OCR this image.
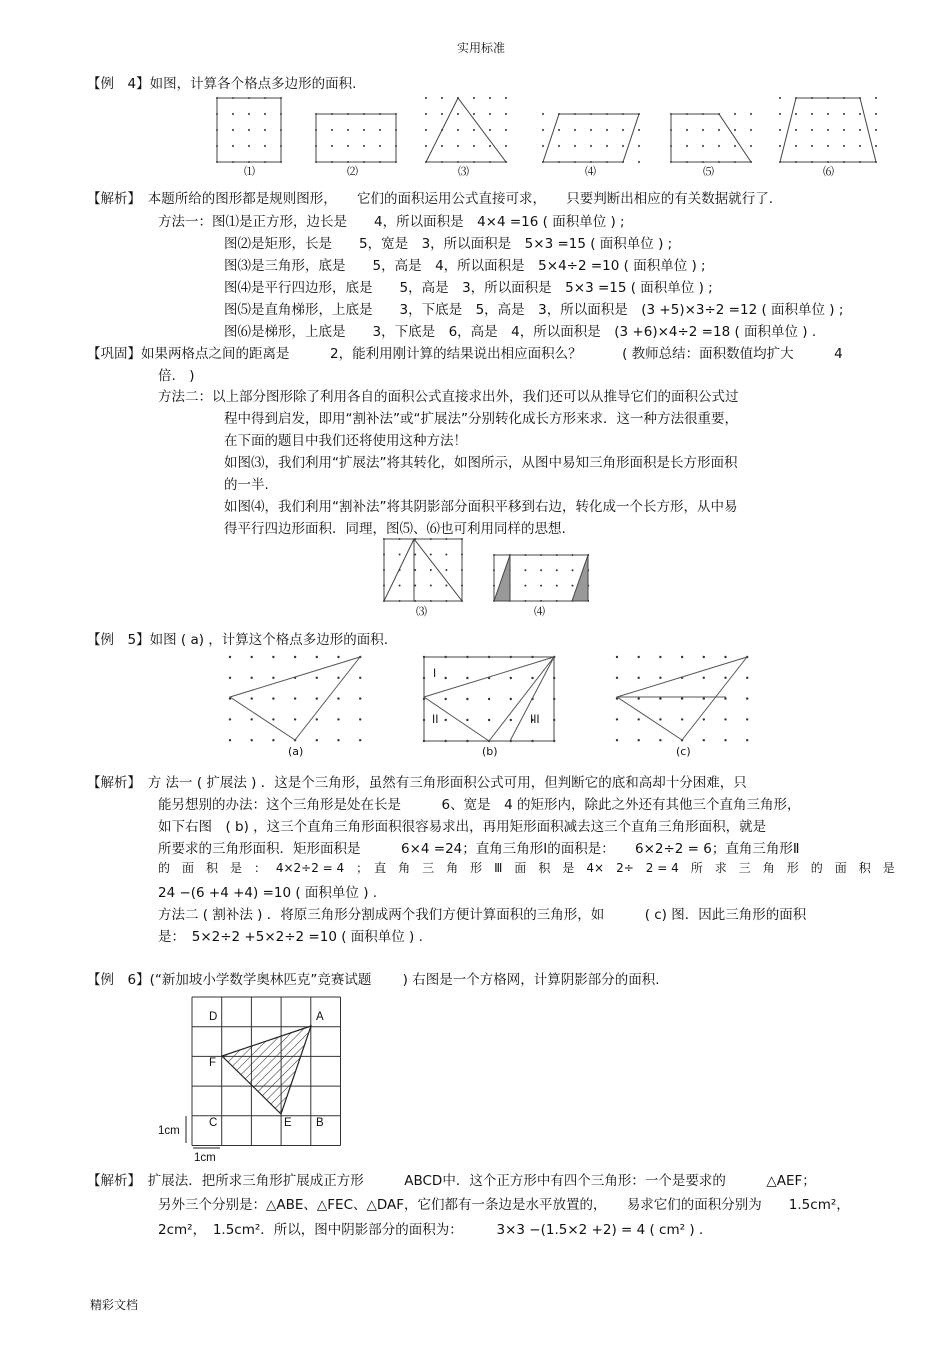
实用标准
精彩文档
【例　4】如图，计算各个格点多边形的面积.
⑴	⑵	⑶	⑷	⑸	⑹
【解析】　本题所给的图形都是规则图形，　　它们的面积运用公式直接可求，　　只要判断出相应的有关数据就行了.
方法一：图⑴是正方形，边长是　　4，所以面积是　4×4 =16 ( 面积单位 ) ;
图⑵是矩形，长是　　5，宽是　3，所以面积是　5×3 =15 ( 面积单位 ) ;
图⑶是三角形，底是　　5，高是　4，所以面积是　5×4÷2 =10 ( 面积单位 ) ;
图⑷是平行四边形，底是　　5，高是　3，所以面积是　5×3 =15 ( 面积单位 ) ;
图⑸是直角梯形，上底是　　3，下底是　5，高是　3，所以面积是　(3 +5)×3÷2 =12 ( 面积单位 ) ;
图⑹是梯形，上底是　　3，下底是　6，高是　4，所以面积是　(3 +6)×4÷2 =18 ( 面积单位 ) .
【巩固】如果两格点之间的距离是　　　2，能利用刚计算的结果说出相应面积么？　　　( 教师总结：面积数值均扩大　　　4
倍.　)
方法二：以上部分图形除了利用各自的面积公式直接求出外，我们还可以从推导它们的面积公式过
程中得到启发，即用“割补法”或“扩展法”分别转化成长方形来求．这一种方法很重要，
在下面的题目中我们还将使用这种方法！
如图⑶，我们利用“扩展法”将其转化，如图所示，从图中易知三角形面积是长方形面积
的一半.
如图⑷，我们利用“割补法”将其阴影部分面积平移到右边，转化成一个长方形，从中易
得平行四边形面积．同理，图⑸、⑹也可利用同样的思想.
⑶	⑷
【例　5】如图 ( a) ，计算这个格点多边形的面积.
I
II	III
(a)	(b)	(c)
【解析】　方 法一 ( 扩展法 ) ．这是个三角形，虽然有三角形面积公式可用，但判断它的底和高却十分困难，只
能另想别的办法：这个三角形是处在长是　　　6、宽是　4 的矩形内，除此之外还有其他三个直角三角形，
如下右图　( b) ，这三个直角三角形面积很容易求出，再用矩形面积减去这三个直角三角形面积，就是
所要求的三角形面积．矩形面积是　　　6×4 =24；直角三角形Ⅰ的面积是：　　6×2÷2 = 6；直角三角形Ⅱ
的　面　积　是　：　 4×2÷2 = 4　；　直　角　三　角　形　Ⅲ　面　积　是　4×　2÷　2 = 4　所　求　三　角　形　的　面　积　是
24 −(6 +4 +4) =10 ( 面积单位 ) .
方法二 ( 割补法 ) ．将原三角形分割成两个我们方便计算面积的三角形，如　　　( c) 图．因此三角形的面积
是：　5×2÷2 +5×2÷2 =10 ( 面积单位 ) .
【例　6】(“新加坡小学数学奥林匹克”竞赛试题　　 ) 右图是一个方格网，计算阴影部分的面积.
D	A
F
C	E B
1cm
1cm
【解析】　扩展法．把所求三角形扩展成正方形　　　ABCD中．这个正方形中有四个三角形：一个是要求的　　　△AEF；
另外三个分别是：△ABE、△FEC、△DAF，它们都有一条边是水平放置的，　　易求它们的面积分别为　　1.5cm²，
2cm²，　1.5cm²．所以，图中阴影部分的面积为：　　　3×3 −(1.5×2 +2) = 4 ( cm² ) .
